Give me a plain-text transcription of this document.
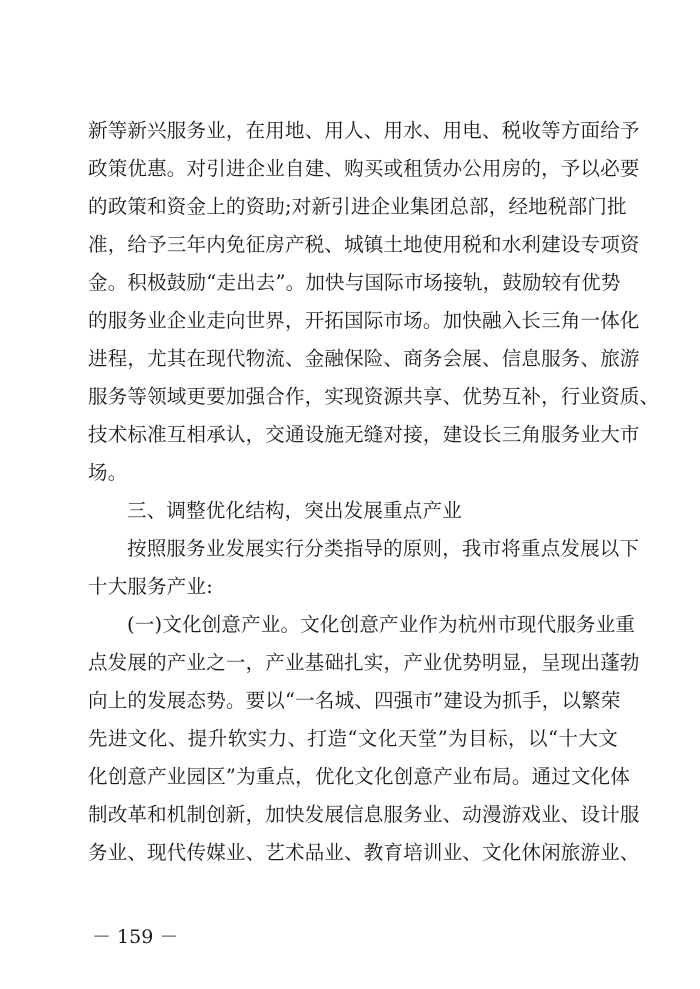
新等新兴服务业，在用地、用人、用水、用电、税收等方面给予
政策优惠。对引进企业自建、购买或租赁办公用房的，予以必要
的政策和资金上的资助;对新引进企业集团总部，经地税部门批
准，给予三年内免征房产税、城镇土地使用税和水利建设专项资
金。积极鼓励“走出去”。加快与国际市场接轨，鼓励较有优势
的服务业企业走向世界，开拓国际市场。加快融入长三角一体化
进程，尤其在现代物流、金融保险、商务会展、信息服务、旅游
服务等领域更要加强合作，实现资源共享、优势互补，行业资质、
技术标准互相承认，交通设施无缝对接，建设长三角服务业大市
场。
三、调整优化结构，突出发展重点产业
按照服务业发展实行分类指导的原则，我市将重点发展以下
十大服务产业:
(一)文化创意产业。文化创意产业作为杭州市现代服务业重
点发展的产业之一，产业基础扎实，产业优势明显，呈现出蓬勃
向上的发展态势。要以“一名城、四强市”建设为抓手，以繁荣
先进文化、提升软实力、打造“文化天堂”为目标，以“十大文
化创意产业园区”为重点，优化文化创意产业布局。通过文化体
制改革和机制创新，加快发展信息服务业、动漫游戏业、设计服
务业、现代传媒业、艺术品业、教育培训业、文化休闲旅游业、
－ 159 －
